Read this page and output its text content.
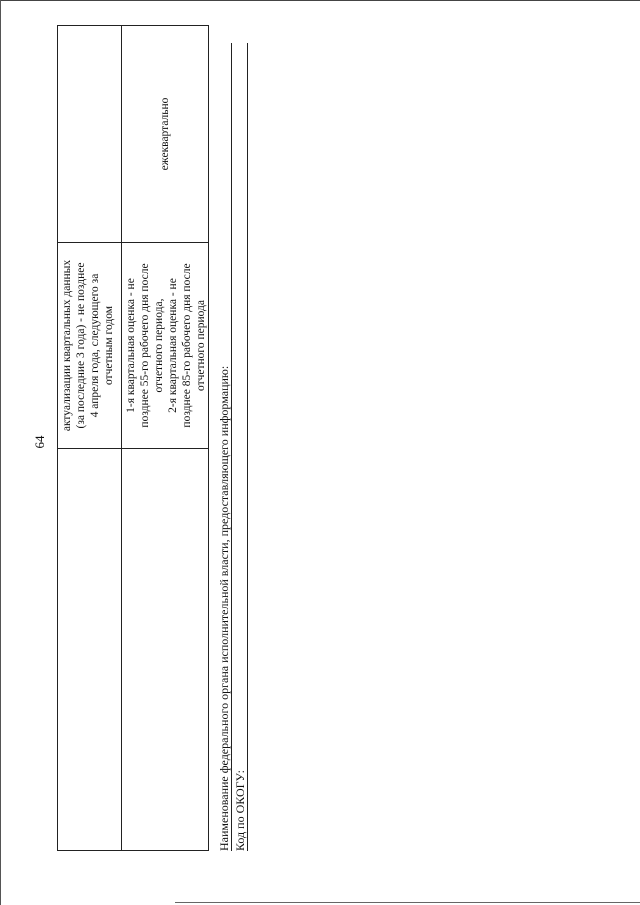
64
актуализации квартальных данных (за последние 3 года) - не позднее 4 апреля года, следующего за отчетным годом 1-я квартальная оценка - не позднее 55-го рабочего дня после отчетного периода, 2-я квартальная оценка - не позднее 85-го рабочего дня после отчетного периода
ежеквартально
Наименование федерального органа исполнительной власти, предоставляющего информацию: Код по ОКОГУ:
